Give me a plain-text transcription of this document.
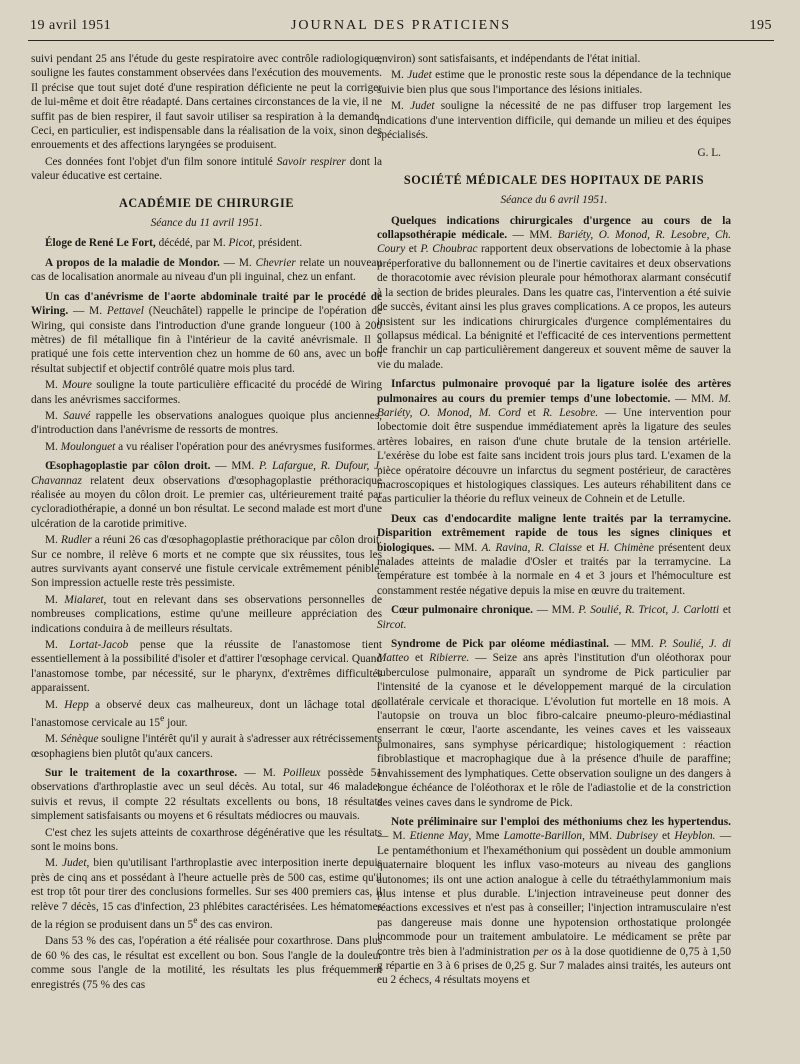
19 avril 1951	JOURNAL DES PRATICIENS	195

suivi pendant 25 ans l'étude du geste respiratoire avec contrôle radiologique, souligne les fautes constamment observées dans l'exécution des mouvements. Il précise que tout sujet doté d'une respiration déficiente ne peut la corriger de lui-même et doit être réadapté. Dans certaines circonstances de la vie, il ne suffit pas de bien respirer, il faut savoir utiliser sa respiration à la demande. Ceci, en particulier, est indispensable dans la réalisation de la voix, sinon des enrouements et des affections laryngées se produisent.

Ces données font l'objet d'un film sonore intitulé Savoir respirer dont la valeur éducative est certaine.

ACADÉMIE DE CHIRURGIE
Séance du 11 avril 1951.

Éloge de René Le Fort, décédé, par M. Picot, président.

A propos de la maladie de Mondor. — M. Chevrier relate un nouveau cas de localisation anormale au niveau d'un pli inguinal, chez un enfant.

Un cas d'anévrisme de l'aorte abdominale traité par le procédé de Wiring. — M. Pettavel (Neuchâtel) rappelle le principe de l'opération de Wiring, qui consiste dans l'introduction d'une grande longueur (100 à 200 mètres) de fil métallique fin à l'intérieur de la cavité anévrismale. Il a pratiqué une fois cette intervention chez un homme de 60 ans, avec un bon résultat subjectif et objectif contrôlé quatre mois plus tard.

M. Moure souligne la toute particulière efficacité du procédé de Wiring dans les anévrismes sacciformes.

M. Sauvé rappelle les observations analogues quoique plus anciennes, d'introduction dans l'anévrisme de ressorts de montres.

M. Moulonguet a vu réaliser l'opération pour des anévrysmes fusiformes.

Œsophagoplastie par côlon droit. — MM. P. Lafargue, R. Dufour, J. Chavannaz relatent deux observations d'œsophagoplastie préthoracique réalisée au moyen du côlon droit. Le premier cas, ultérieurement traité par cycloradiothérapie, a donné un bon résultat. Le second malade est mort d'une ulcération de la carotide primitive.

M. Rudler a réuni 26 cas d'œsophagoplastie préthoracique par côlon droit. Sur ce nombre, il relève 6 morts et ne compte que six réussites, tous les autres survivants ayant conservé une fistule cervicale extrêmement pénible. Son impression actuelle reste très pessimiste.

M. Mialaret, tout en relevant dans ses observations personnelles de nombreuses complications, estime qu'une meilleure appréciation des indications conduira à de meilleurs résultats.

M. Lortat-Jacob pense que la réussite de l'anastomose tient essentiellement à la possibilité d'isoler et d'attirer l'œsophage cervical. Quand l'anastomose tombe, par nécessité, sur le pharynx, d'extrêmes difficultés apparaissent.

M. Hepp a observé deux cas malheureux, dont un lâchage total de l'anastomose cervicale au 15e jour.

M. Sénèque souligne l'intérêt qu'il y aurait à s'adresser aux rétrécissements œsophagiens bien plutôt qu'aux cancers.

Sur le traitement de la coxarthrose. — M. Poilleux possède 51 observations d'arthroplastie avec un seul décès. Au total, sur 46 malades suivis et revus, il compte 22 résultats excellents ou bons, 18 résultats simplement satisfaisants ou moyens et 6 résultats médiocres ou mauvais.

C'est chez les sujets atteints de coxarthrose dégénérative que les résultats sont le moins bons.

M. Judet, bien qu'utilisant l'arthroplastie avec interposition inerte depuis près de cinq ans et possédant à l'heure actuelle près de 500 cas, estime qu'il est trop tôt pour tirer des conclusions formelles. Sur ses 400 premiers cas, il relève 7 décès, 15 cas d'infection, 23 phlébites caractérisées. Les hématomes de la région se produisent dans un 5e des cas environ.

Dans 53 % des cas, l'opération a été réalisée pour coxarthrose. Dans plus de 60 % des cas, le résultat est excellent ou bon. Sous l'angle de la douleur comme sous l'angle de la motilité, les résultats les plus fréquemment enregistrés (75 % des cas

environ) sont satisfaisants, et indépendants de l'état initial.

M. Judet estime que le pronostic reste sous la dépendance de la technique suivie bien plus que sous l'importance des lésions initiales.

M. Judet souligne la nécessité de ne pas diffuser trop largement les indications d'une intervention difficile, qui demande un milieu et des équipes spécialisés.

G. L.
SOCIÉTÉ MÉDICALE DES HOPITAUX DE PARIS
Séance du 6 avril 1951.

Quelques indications chirurgicales d'urgence au cours de la collapsothérapie médicale. — MM. Bariéty, O. Monod, R. Lesobre, Ch. Coury et P. Choubrac rapportent deux observations de lobectomie à la phase préperforative du ballonnement ou de l'inertie cavitaires et deux observations de thoracotomie avec révision pleurale pour hémothorax alarmant consécutif à la section de brides pleurales. Dans les quatre cas, l'intervention a été suivie de succès, évitant ainsi les plus graves complications. A ce propos, les auteurs insistent sur les indications chirurgicales d'urgence complémentaires du collapsus médical. La bénignité et l'efficacité de ces interventions permettent de franchir un cap particulièrement dangereux et souvent même de sauver la vie du malade.

Infarctus pulmonaire provoqué par la ligature isolée des artères pulmonaires au cours du premier temps d'une lobectomie. — MM. M. Bariéty, O. Monod, M. Cord et R. Lesobre. — Une intervention pour lobectomie doit être suspendue immédiatement après la ligature des seules artères lobaires, en raison d'une chute brutale de la tension artérielle. L'exérèse du lobe est faite sans incident trois jours plus tard. L'examen de la pièce opératoire découvre un infarctus du segment postérieur, de caractères macroscopiques et histologiques classiques. Les auteurs réhabilitent dans ce cas particulier la théorie du reflux veineux de Cohnein et de Letulle.

Deux cas d'endocardite maligne lente traités par la terramycine. Disparition extrêmement rapide de tous les signes cliniques et biologiques. — MM. A. Ravina, R. Claisse et H. Chimène présentent deux malades atteints de maladie d'Osler et traités par la terramycine. La température est tombée à la normale en 4 et 3 jours et l'hémoculture est constamment restée négative depuis la mise en œuvre du traitement.

Cœur pulmonaire chronique. — MM. P. Soulié, R. Tricot, J. Carlotti et Sircot.

Syndrome de Pick par oléome médiastinal. — MM. P. Soulié, J. di Matteo et Ribierre. — Seize ans après l'institution d'un oléothorax pour tuberculose pulmonaire, apparaît un syndrome de Pick particulier par l'intensité de la cyanose et le développement marqué de la circulation collatérale cervicale et thoracique. L'évolution fut mortelle en 18 mois. A l'autopsie on trouva un bloc fibro-calcaire pneumo-pleuro-médiastinal enserrant le cœur, l'aorte ascendante, les veines caves et les vaisseaux pulmonaires, sans symphyse péricardique; histologiquement : réaction fibroblastique et macrophagique due à la présence d'huile de paraffine; envahissement des lymphatiques. Cette observation souligne un des dangers à longue échéance de l'oléothorax et le rôle de l'adiastolie et de la constriction des veines caves dans le syndrome de Pick.

Note préliminaire sur l'emploi des méthoniums chez les hypertendus. — M. Etienne May, Mme Lamotte-Barillon, MM. Dubrisey et Heyblon. — Le pentaméthonium et l'hexaméthonium qui possèdent un double ammonium quaternaire bloquent les influx vaso-moteurs au niveau des ganglions autonomes; ils ont une action analogue à celle du tétraéthylammonium mais plus intense et plus durable. L'injection intraveineuse peut donner des réactions excessives et n'est pas à conseiller; l'injection intramusculaire n'est pas dangereuse mais donne une hypotension orthostatique prolongée incommode pour un traitement ambulatoire. Le médicament se prête par contre très bien à l'administration per os à la dose quotidienne de 0,75 à 1,50 g répartie en 3 à 6 prises de 0,25 g. Sur 7 malades ainsi traités, les auteurs ont eu 2 échecs, 4 résultats moyens et
